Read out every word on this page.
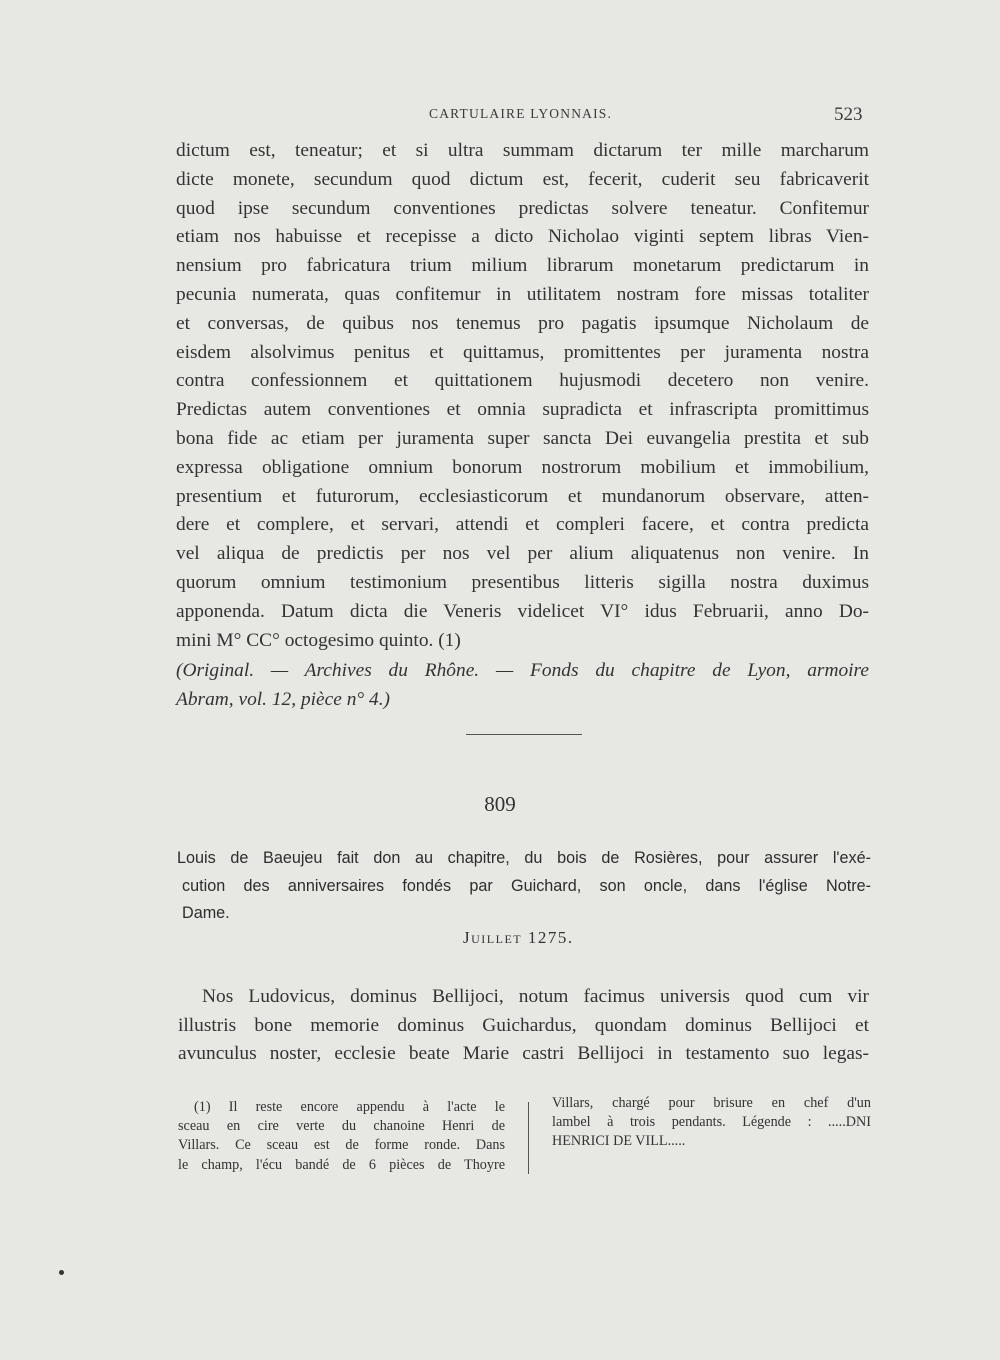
CARTULAIRE LYONNAIS.	523
dictum est, teneatur; et si ultra summam dictarum ter mille marcharum
dicte monete, secundum quod dictum est, fecerit, cuderit seu fabricaverit
quod ipse secundum conventiones predictas solvere teneatur. Confitemur
etiam nos habuisse et recepisse a dicto Nicholao viginti septem libras Vien-
nensium pro fabricatura trium milium librarum monetarum predictarum in
pecunia numerata, quas confitemur in utilitatem nostram fore missas totaliter
et conversas, de quibus nos tenemus pro pagatis ipsumque Nicholaum de
eisdem alsolvimus penitus et quittamus, promittentes per juramenta nostra
contra confessionnem et quittationem hujusmodi decetero non venire.
Predictas autem conventiones et omnia supradicta et infrascripta promittimus
bona fide ac etiam per juramenta super sancta Dei euvangelia prestita et sub
expressa obligatione omnium bonorum nostrorum mobilium et immobilium,
presentium et futurorum, ecclesiasticorum et mundanorum observare, atten-
dere et complere, et servari, attendi et compleri facere, et contra predicta
vel aliqua de predictis per nos vel per alium aliquatenus non venire. In
quorum omnium testimonium presentibus litteris sigilla nostra duximus
apponenda. Datum dicta die Veneris videlicet VI° idus Februarii, anno Do-
mini M° CC° octogesimo quinto. (1)
(Original. — Archives du Rhône. — Fonds du chapitre de Lyon, armoire
Abram, vol. 12, pièce n° 4.)
809
Louis de Baeujeu fait don au chapitre, du bois de Rosières, pour assurer l'exé-
cution des anniversaires fondés par Guichard, son oncle, dans l'église Notre-
Dame.
Juillet 1275.
Nos Ludovicus, dominus Bellijoci, notum facimus universis quod cum vir
illustris bone memorie dominus Guichardus, quondam dominus Bellijoci et
avunculus noster, ecclesie beate Marie castri Bellijoci in testamento suo legas-
(1) Il reste encore appendu à l'acte le
sceau en cire verte du chanoine Henri de
Villars. Ce sceau est de forme ronde. Dans
le champ, l'écu bandé de 6 pièces de Thoyre
Villars, chargé pour brisure en chef d'un
lambel à trois pendants. Légende : .....DNI
HENRICI DE VILL.....
